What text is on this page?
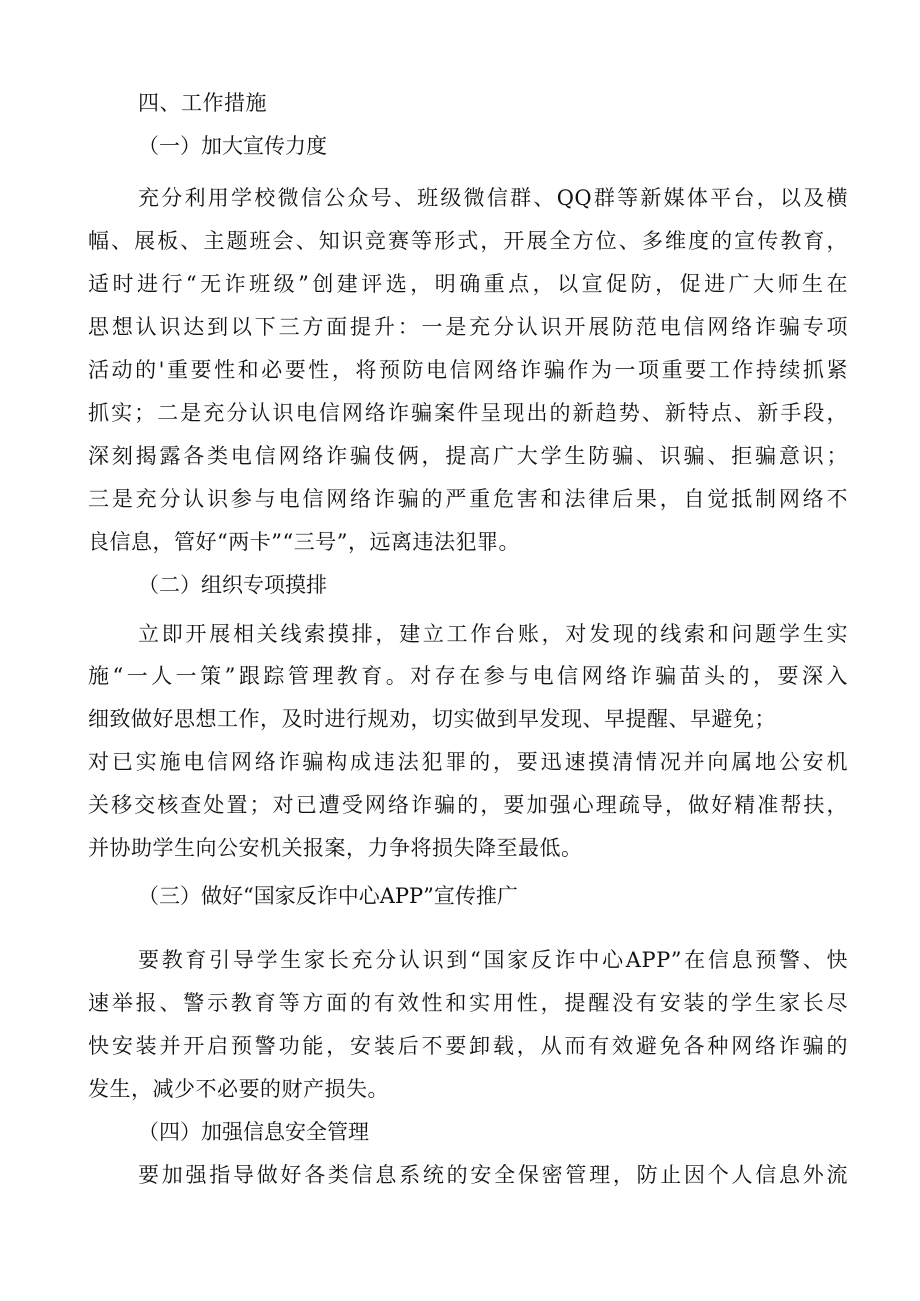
四、工作措施
（一）加大宣传力度
充分利用学校微信公众号、班级微信群、QQ群等新媒体平台，以及横
幅、展板、主题班会、知识竞赛等形式，开展全方位、多维度的宣传教育，
适时进行“无诈班级”创建评选，明确重点，以宣促防，促进广大师生在
思想认识达到以下三方面提升：一是充分认识开展防范电信网络诈骗专项
活动的'重要性和必要性，将预防电信网络诈骗作为一项重要工作持续抓紧
抓实；二是充分认识电信网络诈骗案件呈现出的新趋势、新特点、新手段，
深刻揭露各类电信网络诈骗伎俩，提高广大学生防骗、识骗、拒骗意识；
三是充分认识参与电信网络诈骗的严重危害和法律后果，自觉抵制网络不
良信息，管好“两卡”“三号”，远离违法犯罪。
（二）组织专项摸排
立即开展相关线索摸排，建立工作台账，对发现的线索和问题学生实
施“一人一策”跟踪管理教育。对存在参与电信网络诈骗苗头的，要深入
细致做好思想工作，及时进行规劝，切实做到早发现、早提醒、早避免；
对已实施电信网络诈骗构成违法犯罪的，要迅速摸清情况并向属地公安机
关移交核查处置；对已遭受网络诈骗的，要加强心理疏导，做好精准帮扶，
并协助学生向公安机关报案，力争将损失降至最低。
（三）做好“国家反诈中心APP”宣传推广
要教育引导学生家长充分认识到“国家反诈中心APP”在信息预警、快
速举报、警示教育等方面的有效性和实用性，提醒没有安装的学生家长尽
快安装并开启预警功能，安装后不要卸载，从而有效避免各种网络诈骗的
发生，减少不必要的财产损失。
（四）加强信息安全管理
要加强指导做好各类信息系统的安全保密管理，防止因个人信息外流
